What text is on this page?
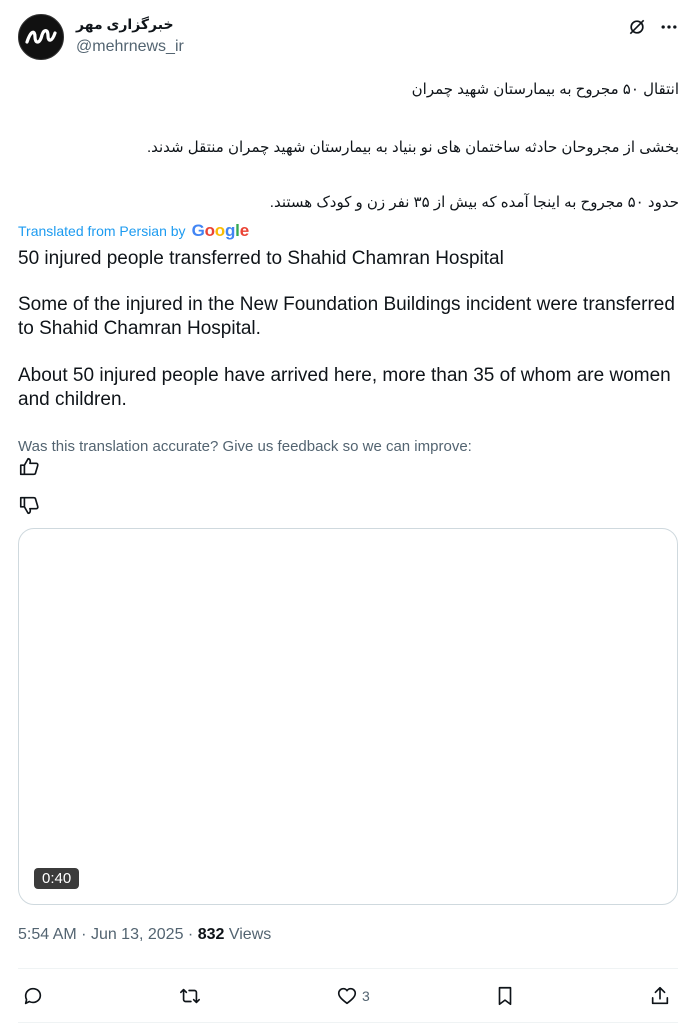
خبرگزاری مهر
@mehrnews_ir
انتقال ۵۰ مجروح به بیمارستان شهید چمران
بخشی از مجروحان حادثه ساختمان های نو بنیاد به بیمارستان شهید چمران منتقل شدند.
حدود ۵۰ مجروح به اینجا آمده که بیش از ۳۵ نفر زن و کودک هستند.
Translated from Persian by Google
50 injured people transferred to Shahid Chamran Hospital
Some of the injured in the New Foundation Buildings incident were transferred to Shahid Chamran Hospital.
About 50 injured people have arrived here, more than 35 of whom are women and children.
Was this translation accurate? Give us feedback so we can improve:
0:40
5:54 AM · Jun 13, 2025 · 832 Views
3
